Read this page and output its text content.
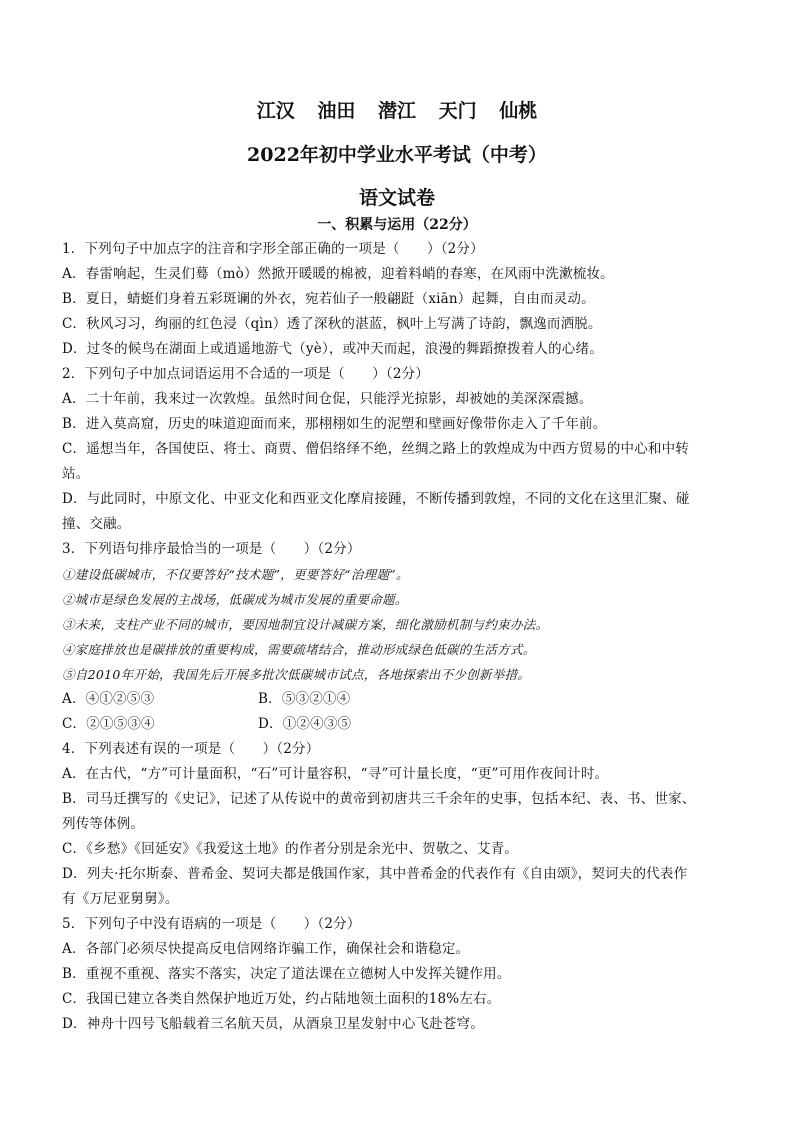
江汉 油田 潜江 天门 仙桃
2022年初中学业水平考试（中考）
语文试卷
一、积累与运用（22分）
1．下列句子中加点字的注音和字形全部正确的一项是（　　）（2分）
A．春雷响起，生灵们蓦（mò）然掀开暖暖的棉被，迎着料峭的春寒，在风雨中洗漱梳妆。
B．夏日，蜻蜓们身着五彩斑谰的外衣，宛若仙子一般翩跹（xiān）起舞，自由而灵动。
C．秋风习习，绚丽的红色浸（qìn）透了深秋的湛蓝，枫叶上写满了诗韵，飘逸而洒脱。
D．过冬的候鸟在湖面上或逍遥地游弋（yè），或冲天而起，浪漫的舞蹈撩拨着人的心绪。
2．下列句子中加点词语运用不合适的一项是（　　）（2分）
A．二十年前，我来过一次敦煌。虽然时间仓促，只能浮光掠影，却被她的美深深震撼。
B．进入莫高窟，历史的味道迎面而来，那栩栩如生的泥塑和壁画好像带你走入了千年前。
C．遥想当年，各国使臣、将士、商贾、僧侣络绎不绝，丝绸之路上的敦煌成为中西方贸易的中心和中转
站。
D．与此同时，中原文化、中亚文化和西亚文化摩肩接踵，不断传播到敦煌，不同的文化在这里汇聚、碰
撞、交融。
3．下列语句排序最恰当的一项是（　　）（2分）
①建设低碳城市，不仅要答好“技术题”，更要答好“治理题”。
②城市是绿色发展的主战场，低碳成为城市发展的重要命题。
③未来，支柱产业不同的城市，要因地制宜设计减碳方案，细化激励机制与约束办法。
④家庭排放也是碳排放的重要构成，需要疏堵结合，推动形成绿色低碳的生活方式。
⑤自2010年开始，我国先后开展多批次低碳城市试点，各地探索出不少创新举措。
A．④①②⑤③	B．⑤③②①④
C．②①⑤③④	D．①②④③⑤
4．下列表述有误的一项是（　　）（2分）
A．在古代，“方”可计量面积，“石”可计量容积，“寻”可计量长度，“更”可用作夜间计时。
B．司马迁撰写的《史记》，记述了从传说中的黄帝到初唐共三千余年的史事，包括本纪、表、书、世家、
列传等体例。
C．《乡愁》《回延安》《我爱这土地》的作者分别是余光中、贺敬之、艾青。
D．列夫·托尔斯泰、普希金、契诃夫都是俄国作家，其中普希金的代表作有《自由颂》，契诃夫的代表作
有《万尼亚舅舅》。
5．下列句子中没有语病的一项是（　　）（2分）
A．各部门必须尽快提高反电信网络诈骗工作，确保社会和谐稳定。
B．重视不重视、落实不落实，决定了道法课在立德树人中发挥关键作用。
C．我国已建立各类自然保护地近万处，约占陆地领土面积的18%左右。
D．神舟十四号飞船载着三名航天员，从酒泉卫星发射中心飞赴苍穹。
